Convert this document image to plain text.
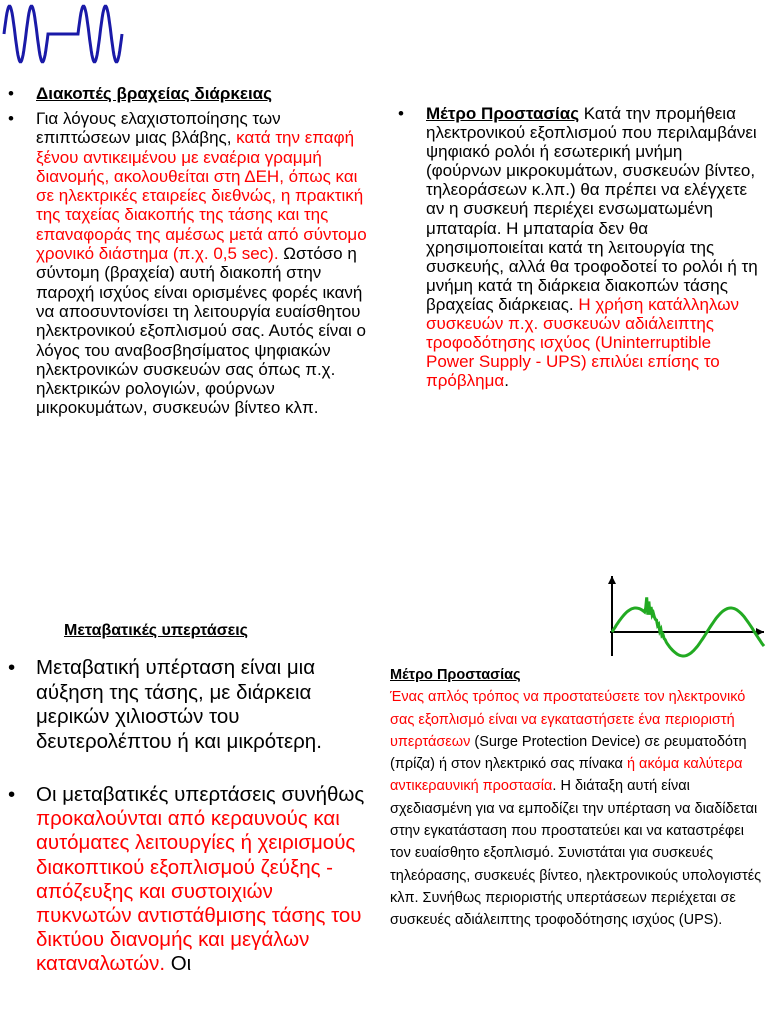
•	Διακοπές βραχείας διάρκειας
•	Για λόγους ελαχιστοποίησης των επιπτώσεων μιας βλάβης, κατά την επαφή ξένου αντικειμένου με εναέρια γραμμή διανομής, ακολουθείται στη ΔΕΗ, όπως και σε ηλεκτρικές εταιρείες διεθνώς, η πρακτική της ταχείας διακοπής της τάσης και της επαναφοράς της αμέσως μετά από σύντομο χρονικό διάστημα (π.χ. 0,5 sec). Ωστόσο η σύντομη (βραχεία) αυτή διακοπή στην παροχή ισχύος είναι ορισμένες φορές ικανή να αποσυντονίσει τη λειτουργία ευαίσθητου ηλεκτρονικού εξοπλισμού σας. Αυτός είναι ο λόγος του αναβοσβησίματος ψηφιακών ηλεκτρονικών συσκευών σας όπως π.χ. ηλεκτρικών ρολογιών, φούρνων μικροκυμάτων, συσκευών βίντεο κλπ.

•	Μέτρο Προστασίας Κατά την προμήθεια ηλεκτρονικού εξοπλισμού που περιλαμβάνει ψηφιακό ρολόι ή εσωτερική μνήμη (φούρνων μικροκυμάτων, συσκευών βίντεο, τηλεοράσεων κ.λπ.) θα πρέπει να ελέγχετε αν η συσκευή περιέχει ενσωματωμένη μπαταρία. Η μπαταρία δεν θα χρησιμοποιείται κατά τη λειτουργία της συσκευής, αλλά θα τροφοδοτεί το ρολόι ή τη μνήμη κατά τη διάρκεια διακοπών τάσης βραχείας διάρκειας. Η χρήση κατάλληλων συσκευών π.χ. συσκευών αδιάλειπτης τροφοδότησης ισχύος (Uninterruptible Power Supply - UPS) επιλύει επίσης το πρόβλημα.

Μεταβατικές υπερτάσεις
•	Μεταβατική υπέρταση είναι μια αύξηση της τάσης, με διάρκεια μερικών χιλιοστών του δευτερολέπτου ή και μικρότερη.

•	Οι μεταβατικές υπερτάσεις συνήθως προκαλούνται από κεραυνούς και αυτόματες λειτουργίες ή χειρισμούς διακοπτικού εξοπλισμού ζεύξης - απόζευξης και συστοιχιών πυκνωτών αντιστάθμισης τάσης του δικτύου διανομής και μεγάλων καταναλωτών. Οι

Μέτρο Προστασίας

Ένας απλός τρόπος να προστατεύσετε τον ηλεκτρονικό σας εξοπλισμό είναι να εγκαταστήσετε ένα περιοριστή υπερτάσεων (Surge Protection Device) σε ρευματοδότη (πρίζα) ή στον ηλεκτρικό σας πίνακα ή ακόμα καλύτερα αντικεραυνική προστασία. Η διάταξη αυτή είναι σχεδιασμένη για να εμποδίζει την υπέρταση να διαδίδεται στην εγκατάσταση που προστατεύει και να καταστρέφει τον ευαίσθητο εξοπλισμό. Συνιστάται για συσκευές τηλεόρασης, συσκευές βίντεο, ηλεκτρονικούς υπολογιστές κλπ. Συνήθως περιοριστής υπερτάσεων περιέχεται σε συσκευές αδιάλειπτης τροφοδότησης ισχύος (UPS).
